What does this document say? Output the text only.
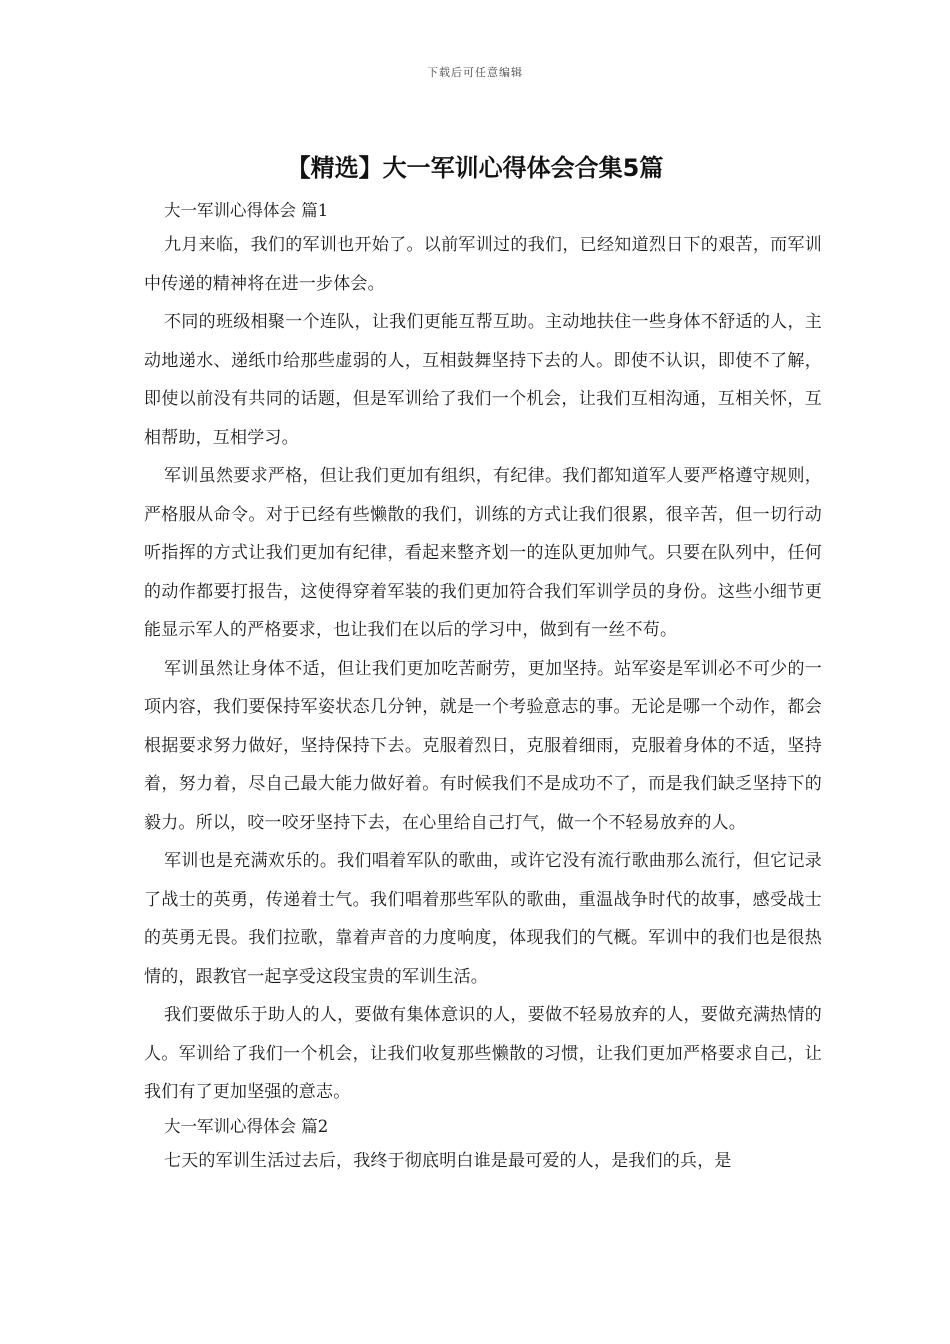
下载后可任意编辑
【精选】大一军训心得体会合集5篇
大一军训心得体会 篇1

九月来临，我们的军训也开始了。以前军训过的我们，已经知道烈日下的艰苦，而军训中传递的精神将在进一步体会。

不同的班级相聚一个连队，让我们更能互帮互助。主动地扶住一些身体不舒适的人，主动地递水、递纸巾给那些虚弱的人，互相鼓舞坚持下去的人。即使不认识，即使不了解，即使以前没有共同的话题，但是军训给了我们一个机会，让我们互相沟通，互相关怀，互相帮助，互相学习。

军训虽然要求严格，但让我们更加有组织，有纪律。我们都知道军人要严格遵守规则，严格服从命令。对于已经有些懒散的我们，训练的方式让我们很累，很辛苦，但一切行动听指挥的方式让我们更加有纪律，看起来整齐划一的连队更加帅气。只要在队列中，任何的动作都要打报告，这使得穿着军装的我们更加符合我们军训学员的身份。这些小细节更能显示军人的严格要求，也让我们在以后的学习中，做到有一丝不苟。

军训虽然让身体不适，但让我们更加吃苦耐劳，更加坚持。站军姿是军训必不可少的一项内容，我们要保持军姿状态几分钟，就是一个考验意志的事。无论是哪一个动作，都会根据要求努力做好，坚持保持下去。克服着烈日，克服着细雨，克服着身体的不适，坚持着，努力着，尽自己最大能力做好着。有时候我们不是成功不了，而是我们缺乏坚持下的毅力。所以，咬一咬牙坚持下去，在心里给自己打气，做一个不轻易放弃的人。

军训也是充满欢乐的。我们唱着军队的歌曲，或许它没有流行歌曲那么流行，但它记录了战士的英勇，传递着士气。我们唱着那些军队的歌曲，重温战争时代的故事，感受战士的英勇无畏。我们拉歌，靠着声音的力度响度，体现我们的气概。军训中的我们也是很热情的，跟教官一起享受这段宝贵的军训生活。

我们要做乐于助人的人，要做有集体意识的人，要做不轻易放弃的人，要做充满热情的人。军训给了我们一个机会，让我们收复那些懒散的习惯，让我们更加严格要求自己，让我们有了更加坚强的意志。

大一军训心得体会 篇2

七天的军训生活过去后，我终于彻底明白谁是最可爱的人，是我们的兵，是
